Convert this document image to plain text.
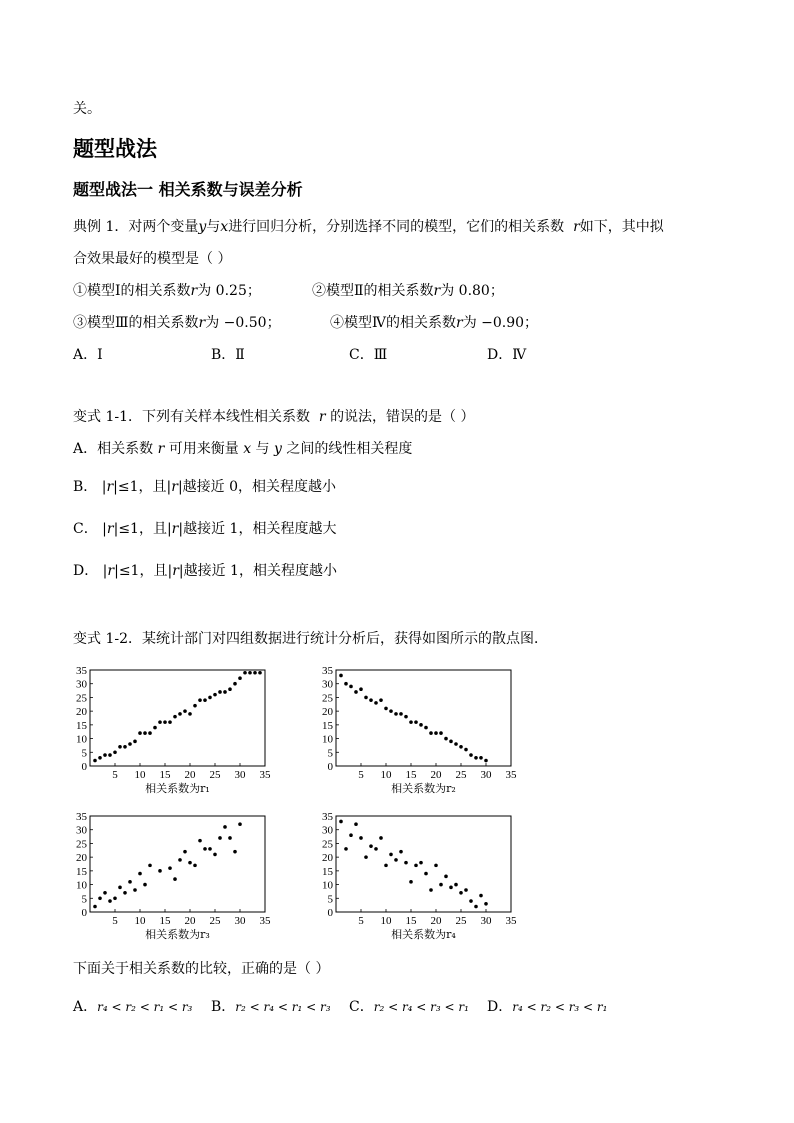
关。
题型战法
题型战法一 相关系数与误差分析
典例 1．对两个变量y与x进行回归分析，分别选择不同的模型，它们的相关系数 r如下，其中拟
合效果最好的模型是（ ）
①模型Ⅰ的相关系数r为 0.25；	②模型Ⅱ的相关系数r为 0.80；
③模型Ⅲ的相关系数r为 −0.50；	④模型Ⅳ的相关系数r为 −0.90；
A．Ⅰ	B．Ⅱ	C．Ⅲ	D．Ⅳ
变式 1-1．下列有关样本线性相关系数 r 的说法，错误的是（ ）
A．相关系数 r 可用来衡量 x 与 y 之间的线性相关程度
B． |r|≤1，且|r|越接近 0，相关程度越小
C． |r|≤1，且|r|越接近 1，相关程度越大
D． |r|≤1，且|r|越接近 1，相关程度越小
变式 1-2．某统计部门对四组数据进行统计分析后，获得如图所示的散点图．
0
5
10
15
20
25
30
35
5 10 15 20 25 30 35
相关系数为r₁
0
5
10
15
20
25
30
35
5 10 15 20 25 30 35
相关系数为r₂
0
5
10
15
20
25
30
35
5 10 15 20 25 30 35
相关系数为r₃
0
5
10
15
20
25
30
35
5 10 15 20 25 30 35
相关系数为r₄
下面关于相关系数的比较，正确的是（ ）
A．r₄ < r₂ < r₁ < r₃ B．r₂ < r₄ < r₁ < r₃ C．r₂ < r₄ < r₃ < r₁ D．r₄ < r₂ < r₃ < r₁
